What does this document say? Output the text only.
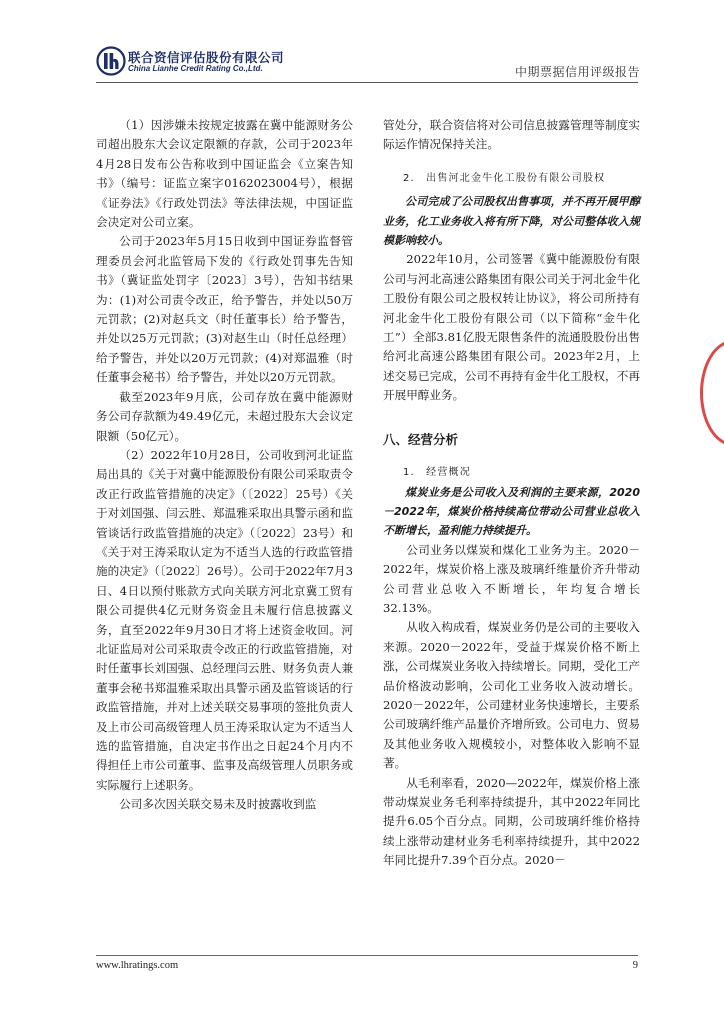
联合资信评估股份有限公司
China Lianhe Credit Rating Co.,Ltd.	中期票据信用评级报告

（1）因涉嫌未按规定披露在冀中能源财务公司超出股东大会议定限额的存款，公司于2023年4月28日发布公告称收到中国证监会《立案告知书》（编号：证监立案字0162023004号），根据《证券法》《行政处罚法》等法律法规，中国证监会决定对公司立案。

公司于2023年5月15日收到中国证券监督管理委员会河北监管局下发的《行政处罚事先告知书》（冀证监处罚字〔2023〕3号），告知书结果为：(1)对公司责令改正，给予警告，并处以50万元罚款；(2)对赵兵文（时任董事长）给予警告，并处以25万元罚款；(3)对赵生山（时任总经理）给予警告，并处以20万元罚款；(4)对郑温雅（时任董事会秘书）给予警告，并处以20万元罚款。

截至2023年9月底，公司存放在冀中能源财务公司存款额为49.49亿元，未超过股东大会议定限额（50亿元）。

（2）2022年10月28日，公司收到河北证监局出具的《关于对冀中能源股份有限公司采取责令改正行政监管措施的决定》（〔2022〕25号）《关于对刘国强、闫云胜、郑温雅采取出具警示函和监管谈话行政监管措施的决定》（〔2022〕23号）和《关于对王涛采取认定为不适当人选的行政监管措施的决定》（〔2022〕26号）。公司于2022年7月3日、4日以预付账款方式向关联方河北京冀工贸有限公司提供4亿元财务资金且未履行信息披露义务，直至2022年9月30日才将上述资金收回。河北证监局对公司采取责令改正的行政监管措施，对时任董事长刘国强、总经理闫云胜、财务负责人兼董事会秘书郑温雅采取出具警示函及监管谈话的行政监管措施，并对上述关联交易事项的签批负责人及上市公司高级管理人员王涛采取认定为不适当人选的监管措施，自决定书作出之日起24个月内不得担任上市公司董事、监事及高级管理人员职务或实际履行上述职务。

公司多次因关联交易未及时披露收到监

管处分，联合资信将对公司信息披露管理等制度实际运作情况保持关注。

2.　出售河北金牛化工股份有限公司股权

公司完成了公司股权出售事项，并不再开展甲醇业务，化工业务收入将有所下降，对公司整体收入规模影响较小。

2022年10月，公司签署《冀中能源股份有限公司与河北高速公路集团有限公司关于河北金牛化工股份有限公司之股权转让协议》，将公司所持有河北金牛化工股份有限公司（以下简称“金牛化工”）全部3.81亿股无限售条件的流通股股份出售给河北高速公路集团有限公司。2023年2月，上述交易已完成，公司不再持有金牛化工股权，不再开展甲醇业务。

八、经营分析

1.　经营概况

煤炭业务是公司收入及利润的主要来源，2020－2022年，煤炭价格持续高位带动公司营业总收入不断增长，盈利能力持续提升。

公司业务以煤炭和煤化工业务为主。2020－2022年，煤炭价格上涨及玻璃纤维量价齐升带动公司营业总收入不断增长，年均复合增长32.13%。

从收入构成看，煤炭业务仍是公司的主要收入来源。2020－2022年，受益于煤炭价格不断上涨，公司煤炭业务收入持续增长。同期，受化工产品价格波动影响，公司化工业务收入波动增长。2020－2022年，公司建材业务快速增长，主要系公司玻璃纤维产品量价齐增所致。公司电力、贸易及其他业务收入规模较小，对整体收入影响不显著。

从毛利率看，2020—2022年，煤炭价格上涨带动煤炭业务毛利率持续提升，其中2022年同比提升6.05个百分点。同期，公司玻璃纤维价格持续上涨带动建材业务毛利率持续提升，其中2022年同比提升7.39个百分点。2020－

www.lhratings.com	9
